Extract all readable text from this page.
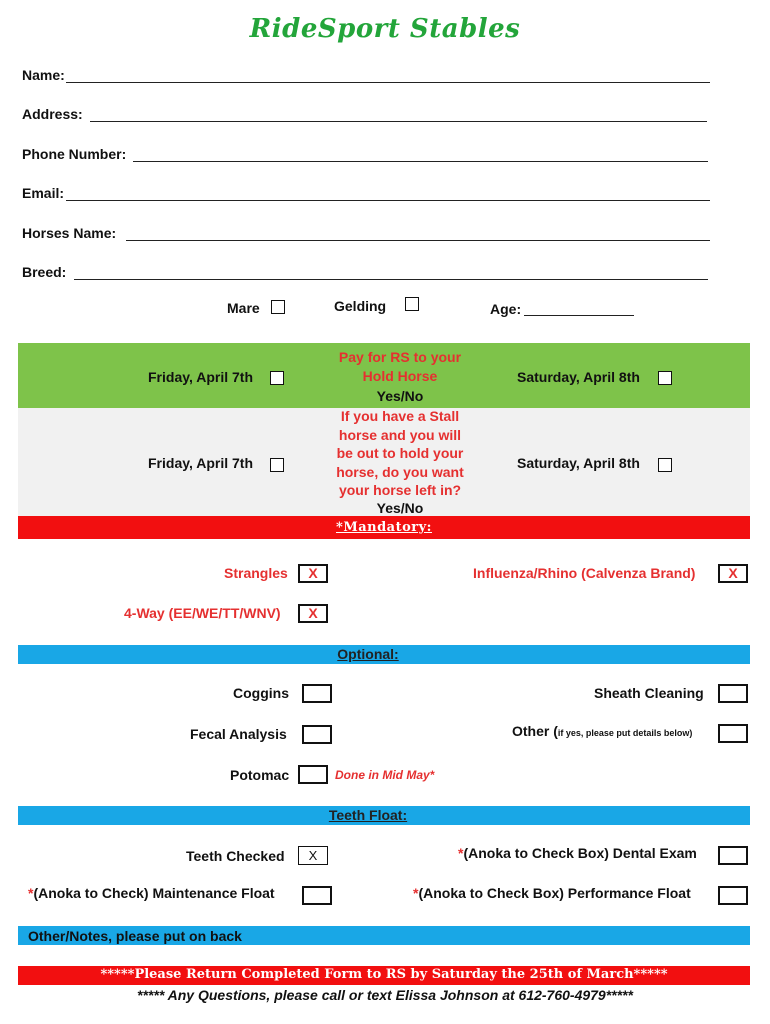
RideSport Stables
Name:
Address:
Phone Number:
Email:
Horses Name:
Breed:
Mare	Gelding	Age:
Pay for RS to your
Hold Horse
Yes/No
Friday, April 7th	Saturday, April 8th
If you have a Stall
horse and you will
be out to hold your
horse, do you want
your horse left in?
Yes/No
Friday, April 7th	Saturday, April 8th
*Mandatory:
Strangles	X	Influenza/Rhino (Calvenza Brand)	X
4-Way (EE/WE/TT/WNV)	X
Optional:
Coggins	Sheath Cleaning
Fecal Analysis	Other (if yes, please put details below)
Potomac	Done in Mid May*
Teeth Float:
Teeth Checked	X	*(Anoka to Check Box) Dental Exam
*(Anoka to Check) Maintenance Float	*(Anoka to Check Box) Performance Float
Other/Notes, please put on back
*****Please Return Completed Form to RS by Saturday the 25th of March*****
***** Any Questions, please call or text Elissa Johnson at 612-760-4979*****
